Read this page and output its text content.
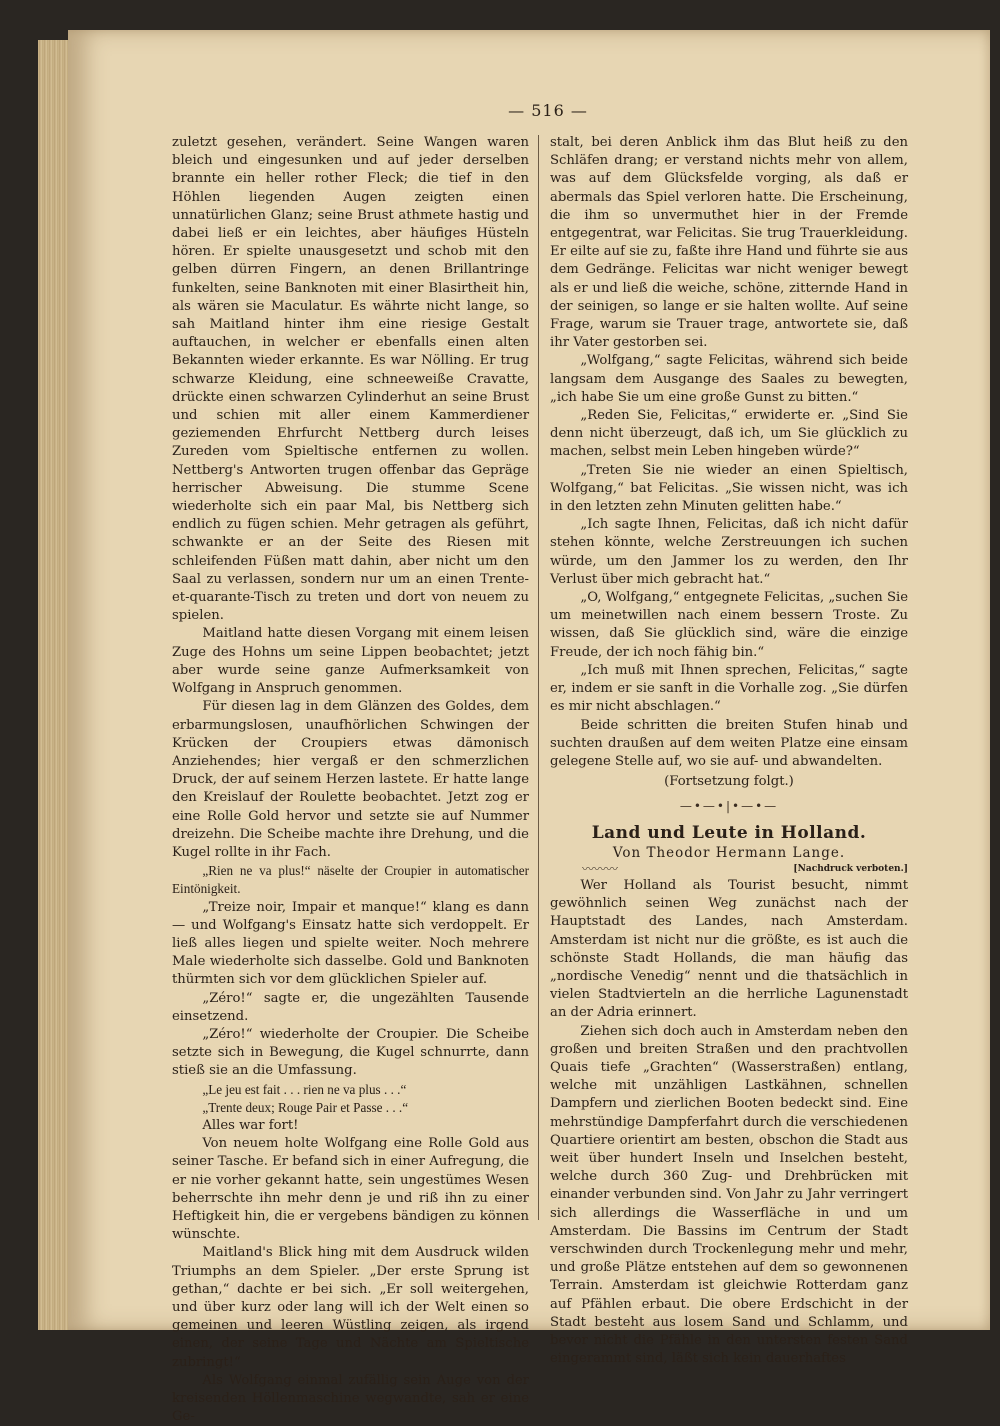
— 516 —

zuletzt gesehen, verändert. Seine Wangen waren bleich und eingesunken und auf jeder derselben brannte ein heller rother Fleck; die tief in den Höhlen liegenden Augen zeigten einen unnatürlichen Glanz; seine Brust athmete hastig und dabei ließ er ein leichtes, aber häufiges Hüsteln hören. Er spielte unausgesetzt und schob mit den gelben dürren Fingern, an denen Brillantringe funkelten, seine Banknoten mit einer Blasirtheit hin, als wären sie Maculatur. Es währte nicht lange, so sah Maitland hinter ihm eine riesige Gestalt auftauchen, in welcher er ebenfalls einen alten Bekannten wieder erkannte. Es war Nölling. Er trug schwarze Kleidung, eine schneeweiße Cravatte, drückte einen schwarzen Cylinderhut an seine Brust und schien mit aller einem Kammerdiener geziemenden Ehrfurcht Nettberg durch leises Zureden vom Spieltische entfernen zu wollen. Nettberg's Antworten trugen offenbar das Gepräge herrischer Abweisung. Die stumme Scene wiederholte sich ein paar Mal, bis Nettberg sich endlich zu fügen schien. Mehr getragen als geführt, schwankte er an der Seite des Riesen mit schleifenden Füßen matt dahin, aber nicht um den Saal zu verlassen, sondern nur um an einen Trente-et-quarante-Tisch zu treten und dort von neuem zu spielen.

Maitland hatte diesen Vorgang mit einem leisen Zuge des Hohns um seine Lippen beobachtet; jetzt aber wurde seine ganze Aufmerksamkeit von Wolfgang in Anspruch genommen.

Für diesen lag in dem Glänzen des Goldes, dem erbarmungslosen, unaufhörlichen Schwingen der Krücken der Croupiers etwas dämonisch Anziehendes; hier vergaß er den schmerzlichen Druck, der auf seinem Herzen lastete. Er hatte lange den Kreislauf der Roulette beobachtet. Jetzt zog er eine Rolle Gold hervor und setzte sie auf Nummer dreizehn. Die Scheibe machte ihre Drehung, und die Kugel rollte in ihr Fach.

„Rien ne va plus!“ näselte der Croupier in automatischer Eintönigkeit.

„Treize noir, Impair et manque!“ klang es dann — und Wolfgang's Einsatz hatte sich verdoppelt. Er ließ alles liegen und spielte weiter. Noch mehrere Male wiederholte sich dasselbe. Gold und Banknoten thürmten sich vor dem glücklichen Spieler auf.

„Zéro!“ sagte er, die ungezählten Tausende einsetzend.

„Zéro!“ wiederholte der Croupier. Die Scheibe setzte sich in Bewegung, die Kugel schnurrte, dann stieß sie an die Umfassung.

„Le jeu est fait . . . rien ne va plus . . .“

„Trente deux; Rouge Pair et Passe . . .“

Alles war fort!

Von neuem holte Wolfgang eine Rolle Gold aus seiner Tasche. Er befand sich in einer Aufregung, die er nie vorher gekannt hatte, sein ungestümes Wesen beherrschte ihn mehr denn je und riß ihn zu einer Heftigkeit hin, die er vergebens bändigen zu können wünschte.

Maitland's Blick hing mit dem Ausdruck wilden Triumphs an dem Spieler. „Der erste Sprung ist gethan,“ dachte er bei sich. „Er soll weitergehen, und über kurz oder lang will ich der Welt einen so gemeinen und leeren Wüstling zeigen, als irgend einen, der seine Tage und Nächte am Spieltische zubringt!“

Als Wolfgang einmal zufällig sein Auge von der kreisenden Höllenmaschine wegwandte, sah er eine Ge-

stalt, bei deren Anblick ihm das Blut heiß zu den Schläfen drang; er verstand nichts mehr von allem, was auf dem Glücksfelde vorging, als daß er abermals das Spiel verloren hatte. Die Erscheinung, die ihm so unvermuthet hier in der Fremde entgegentrat, war Felicitas. Sie trug Trauerkleidung. Er eilte auf sie zu, faßte ihre Hand und führte sie aus dem Gedränge. Felicitas war nicht weniger bewegt als er und ließ die weiche, schöne, zitternde Hand in der seinigen, so lange er sie halten wollte. Auf seine Frage, warum sie Trauer trage, antwortete sie, daß ihr Vater gestorben sei.

„Wolfgang,“ sagte Felicitas, während sich beide langsam dem Ausgange des Saales zu bewegten, „ich habe Sie um eine große Gunst zu bitten.“

„Reden Sie, Felicitas,“ erwiderte er. „Sind Sie denn nicht überzeugt, daß ich, um Sie glücklich zu machen, selbst mein Leben hingeben würde?“

„Treten Sie nie wieder an einen Spieltisch, Wolfgang,“ bat Felicitas. „Sie wissen nicht, was ich in den letzten zehn Minuten gelitten habe.“

„Ich sagte Ihnen, Felicitas, daß ich nicht dafür stehen könnte, welche Zerstreuungen ich suchen würde, um den Jammer los zu werden, den Ihr Verlust über mich gebracht hat.“

„O, Wolfgang,“ entgegnete Felicitas, „suchen Sie um meinetwillen nach einem bessern Troste. Zu wissen, daß Sie glücklich sind, wäre die einzige Freude, der ich noch fähig bin.“

„Ich muß mit Ihnen sprechen, Felicitas,“ sagte er, indem er sie sanft in die Vorhalle zog. „Sie dürfen es mir nicht abschlagen.“

Beide schritten die breiten Stufen hinab und suchten draußen auf dem weiten Platze eine einsam gelegene Stelle auf, wo sie auf- und abwandelten.

(Fortsetzung folgt.)

—•—•|•—•—

Land und Leute in Holland.

Von Theodor Hermann Lange.

〰〰〰	[Nachdruck verboten.]

Wer Holland als Tourist besucht, nimmt gewöhnlich seinen Weg zunächst nach der Hauptstadt des Landes, nach Amsterdam. Amsterdam ist nicht nur die größte, es ist auch die schönste Stadt Hollands, die man häufig das „nordische Venedig“ nennt und die thatsächlich in vielen Stadtvierteln an die herrliche Lagunenstadt an der Adria erinnert.

Ziehen sich doch auch in Amsterdam neben den großen und breiten Straßen und den prachtvollen Quais tiefe „Grachten“ (Wasserstraßen) entlang, welche mit unzähligen Lastkähnen, schnellen Dampfern und zierlichen Booten bedeckt sind. Eine mehrstündige Dampferfahrt durch die verschiedenen Quartiere orientirt am besten, obschon die Stadt aus weit über hundert Inseln und Inselchen besteht, welche durch 360 Zug- und Drehbrücken mit einander verbunden sind. Von Jahr zu Jahr verringert sich allerdings die Wasserfläche in und um Amsterdam. Die Bassins im Centrum der Stadt verschwinden durch Trockenlegung mehr und mehr, und große Plätze entstehen auf dem so gewonnenen Terrain. Amsterdam ist gleichwie Rotterdam ganz auf Pfählen erbaut. Die obere Erdschicht in der Stadt besteht aus losem Sand und Schlamm, und bevor nicht die Pfähle in den untersten festen Sand eingerammt sind, läßt sich kein dauerhaftes
